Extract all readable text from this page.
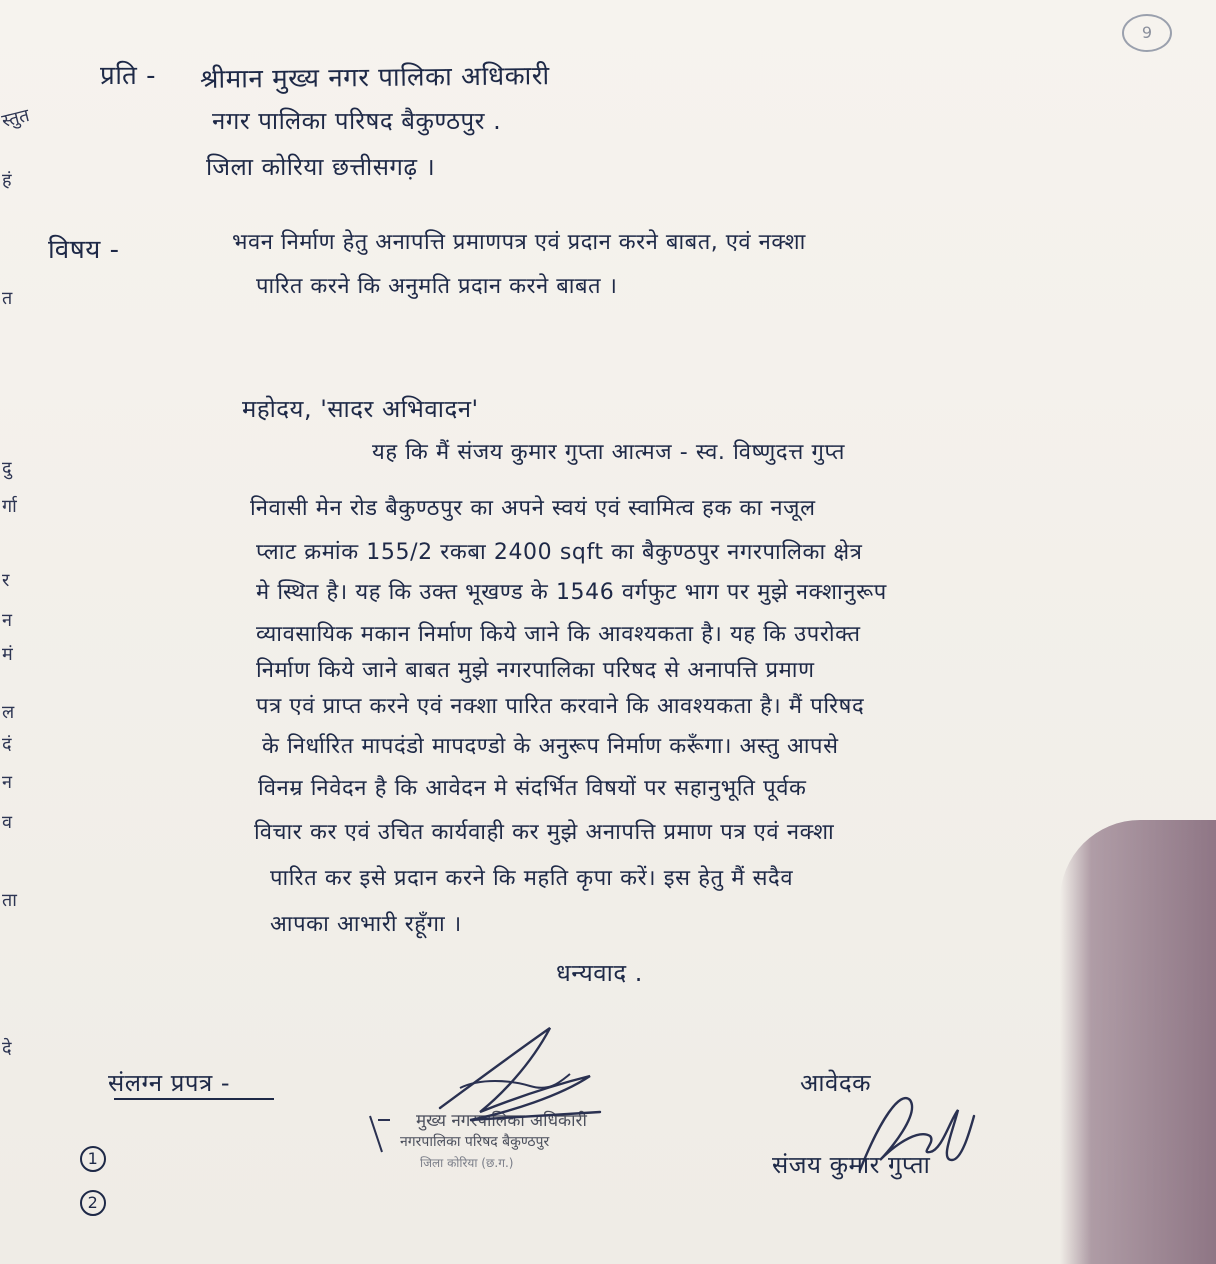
9
स्तुत
हं
त
दु
र्गा
र
न
मं
ल
दं
न
व
ता
दे
प्रति - श्रीमान मुख्य नगर पालिका अधिकारी
नगर पालिका परिषद बैकुण्ठपुर .
जिला कोरिया छत्तीसगढ़ ।
विषय -	भवन निर्माण हेतु अनापत्ति प्रमाणपत्र एवं प्रदान करने बाबत, एवं नक्शा
पारित करने कि अनुमति प्रदान करने बाबत ।
महोदय, 'सादर अभिवादन'
यह कि मैं संजय कुमार गुप्ता आत्मज - स्व. विष्णुदत्त गुप्त
निवासी मेन रोड बैकुण्ठपुर का अपने स्वयं एवं स्वामित्व हक का नजूल
प्लाट क्रमांक 155/2 रकबा 2400 sqft का बैकुण्ठपुर नगरपालिका क्षेत्र
मे स्थित है। यह कि उक्त भूखण्ड के 1546 वर्गफुट भाग पर मुझे नक्शानुरूप
व्यावसायिक मकान निर्माण किये जाने कि आवश्यकता है। यह कि उपरोक्त
निर्माण किये जाने बाबत मुझे नगरपालिका परिषद से अनापत्ति प्रमाण
पत्र एवं प्राप्त करने एवं नक्शा पारित करवाने कि आवश्यकता है। मैं परिषद
के निर्धारित मापदंडो मापदण्डो के अनुरूप निर्माण करूँगा। अस्तु आपसे
विनम्र निवेदन है कि आवेदन मे संदर्भित विषयों पर सहानुभूति पूर्वक
विचार कर एवं उचित कार्यवाही कर मुझे अनापत्ति प्रमाण पत्र एवं नक्शा
पारित कर इसे प्रदान करने कि महति कृपा करें। इस हेतु मैं सदैव
आपका आभारी रहूँगा ।
धन्यवाद .
संलग्न प्रपत्र -
1
2
मुख्य नगरपालिका अधिकारी
नगरपालिका परिषद बैकुण्ठपुर
जिला कोरिया (छ.ग.)
आवेदक
संजय कुमार गुप्ता
